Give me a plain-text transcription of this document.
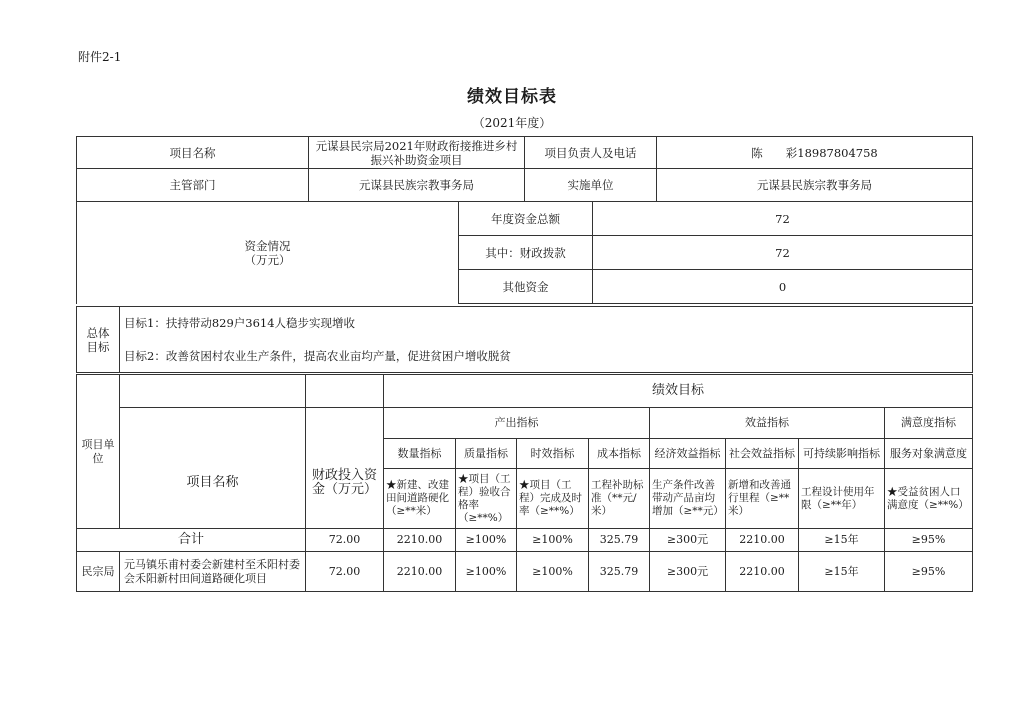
附件2-1
绩效目标表
（2021年度）
项目名称	元谋县民宗局2021年财政衔接推进乡村振兴补助资金项目	项目负责人及电话	陈　　彩18987804758
主管部门	元谋县民族宗教事务局	实施单位	元谋县民族宗教事务局
资金情况
（万元）	年度资金总额	72
	其中：财政拨款	72
	其他资金	0
总体
目标	目标1：扶持带动829户3614人稳步实现增收
目标2：改善贫困村农业生产条件，提高农业亩均产量，促进贫困户增收脱贫
项目单位			绩效目标							
			产出指标				效益指标			满意度指标
	项目名称	财政投入资金（万元）	数量指标	质量指标	时效指标	成本指标	经济效益指标	社会效益指标	可持续影响指标	服务对象满意度
			★新建、改建田间道路硬化（≥**米）	★项目（工程）验收合格率（≥**%）	★项目（工程）完成及时率（≥**%）	工程补助标准（**元/米）	生产条件改善带动产品亩均增加（≥**元）	新增和改善通行里程（≥**米）	工程设计使用年限（≥**年）	★受益贫困人口满意度（≥**%）
合计		72.00	2210.00	≥100%	≥100%	325.79	≥300元	2210.00	≥15年	≥95%
民宗局	元马镇乐甫村委会新建村至禾阳村委会禾阳新村田间道路硬化项目	72.00	2210.00	≥100%	≥100%	325.79	≥300元	2210.00	≥15年	≥95%
